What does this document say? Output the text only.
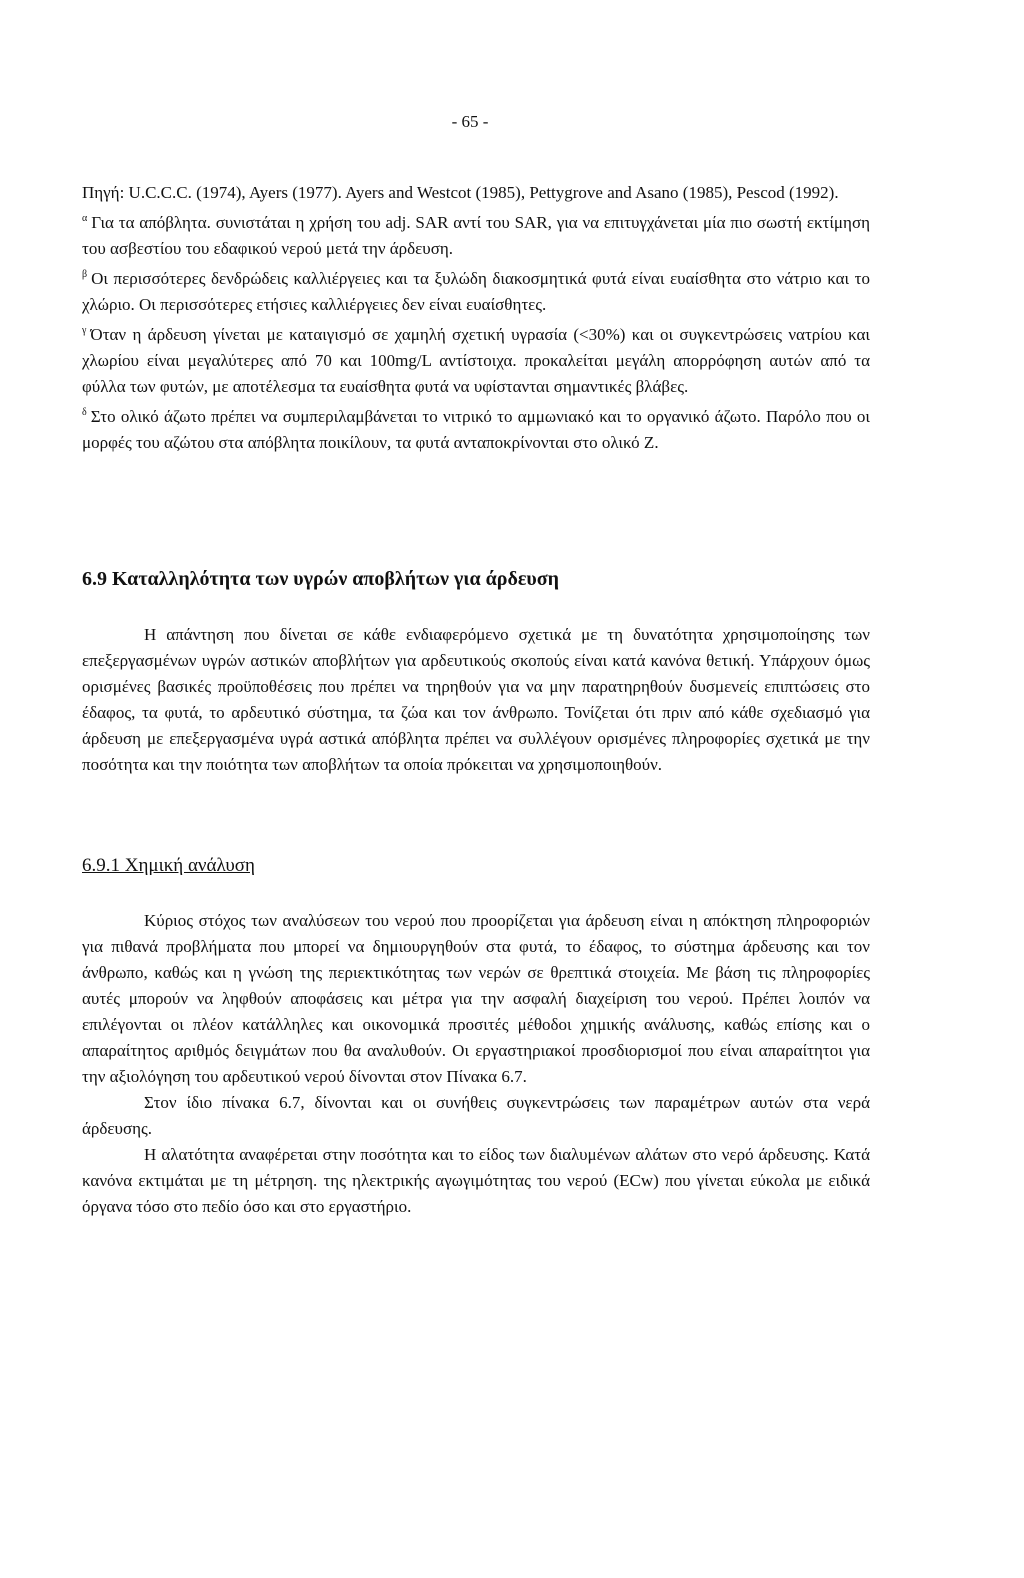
- 65 -

Πηγή: U.C.C.C. (1974), Ayers (1977). Ayers and Westcot (1985), Pettygrove and Asano (1985), Pescod (1992).

$^\alpha$ Για τα απόβλητα. συνιστάται η χρήση του adj. SAR αντί του SAR, για να επιτυγχάνεται μία πιο σωστή εκτίμηση του ασβεστίου του εδαφικού νερού μετά την άρδευση.

$^\beta$ Οι περισσότερες δενδρώδεις καλλιέργειες και τα ξυλώδη διακοσμητικά φυτά είναι ευαίσθητα στο νάτριο και το χλώριο. Οι περισσότερες ετήσιες καλλιέργειες δεν είναι ευαίσθητες.

$^\gamma$ Όταν η άρδευση γίνεται με καταιγισμό σε χαμηλή σχετική υγρασία (<30%) και οι συγκεντρώσεις νατρίου και χλωρίου είναι μεγαλύτερες από 70 και 100mg/L αντίστοιχα. προκαλείται μεγάλη απορρόφηση αυτών από τα φύλλα των φυτών, με αποτέλεσμα τα ευαίσθητα φυτά να υφίστανται σημαντικές βλάβες.

$^\delta$ Στο ολικό άζωτο πρέπει να συμπεριλαμβάνεται το νιτρικό το αμμωνιακό και το οργανικό άζωτο. Παρόλο που οι μορφές του αζώτου στα απόβλητα ποικίλουν, τα φυτά ανταποκρίνονται στο ολικό Ζ.

6.9 Καταλληλότητα των υγρών αποβλήτων για άρδευση

Η απάντηση που δίνεται σε κάθε ενδιαφερόμενο σχετικά με τη δυνατότητα χρησιμοποίησης των επεξεργασμένων υγρών αστικών αποβλήτων για αρδευτικούς σκοπούς είναι κατά κανόνα θετική. Υπάρχουν όμως ορισμένες βασικές προϋποθέσεις που πρέπει να τηρηθούν για να μην παρατηρηθούν δυσμενείς επιπτώσεις στο έδαφος, τα φυτά, το αρδευτικό σύστημα, τα ζώα και τον άνθρωπο. Τονίζεται ότι πριν από κάθε σχεδιασμό για άρδευση με επεξεργασμένα υγρά αστικά απόβλητα πρέπει να συλλέγουν ορισμένες πληροφορίες σχετικά με την ποσότητα και την ποιότητα των αποβλήτων τα οποία πρόκειται να χρησιμοποιηθούν.

6.9.1 Χημική ανάλυση

Κύριος στόχος των αναλύσεων του νερού που προορίζεται για άρδευση είναι η απόκτηση πληροφοριών για πιθανά προβλήματα που μπορεί να δημιουργηθούν στα φυτά, το έδαφος, το σύστημα άρδευσης και τον άνθρωπο, καθώς και η γνώση της περιεκτικότητας των νερών σε θρεπτικά στοιχεία. Με βάση τις πληροφορίες αυτές μπορούν να ληφθούν αποφάσεις και μέτρα για την ασφαλή διαχείριση του νερού. Πρέπει λοιπόν να επιλέγονται οι πλέον κατάλληλες και οικονομικά προσιτές μέθοδοι χημικής ανάλυσης, καθώς επίσης και ο απαραίτητος αριθμός δειγμάτων που θα αναλυθούν. Οι εργαστηριακοί προσδιορισμοί που είναι απαραίτητοι για την αξιολόγηση του αρδευτικού νερού δίνονται στον Πίνακα 6.7.

Στον ίδιο πίνακα 6.7, δίνονται και οι συνήθεις συγκεντρώσεις των παραμέτρων αυτών στα νερά άρδευσης.

Η αλατότητα αναφέρεται στην ποσότητα και το είδος των διαλυμένων αλάτων στο νερό άρδευσης. Κατά κανόνα εκτιμάται με τη μέτρηση. της ηλεκτρικής αγωγιμότητας του νερού (ECw) που γίνεται εύκολα με ειδικά όργανα τόσο στο πεδίο όσο και στο εργαστήριο.
